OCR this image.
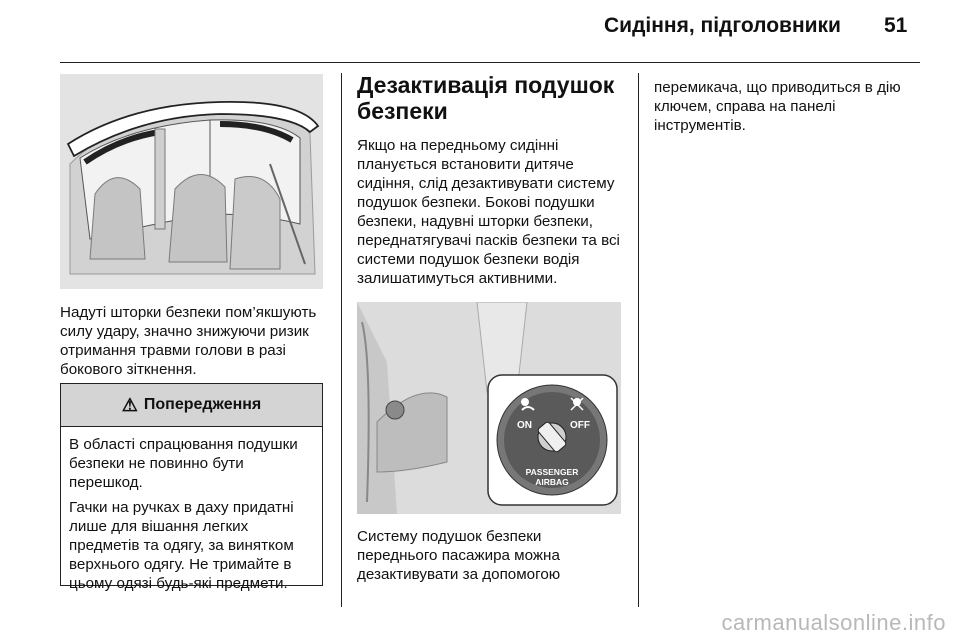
Сидіння, підголовники 51
Надуті шторки безпеки пом’якшують силу удару, значно знижуючи ризик отримання травми голови в разі бокового зіткнення.
⚠ Попередження

В області спрацювання подушки безпеки не повинно бути перешкод.

Гачки на ручках в даху придатні лише для вішання легких предметів та одягу, за винятком верхнього одягу. Не тримайте в цьому одязі будь-які предмети.

Дезактивація подушок безпеки
Якщо на передньому сидінні планується встановити дитяче сидіння, слід дезактивувати систему подушок безпеки. Бокові подушки безпеки, надувні шторки безпеки, переднатягувачі пасків безпеки та всі системи подушок безпеки водія залишатимуться активними.
ON	OFF
PASSENGER
AIRBAG
Систему подушок безпеки переднього пасажира можна дезактивувати за допомогою
перемикача, що приводиться в дію ключем, справа на панелі інструментів.
carmanualsonline.info
